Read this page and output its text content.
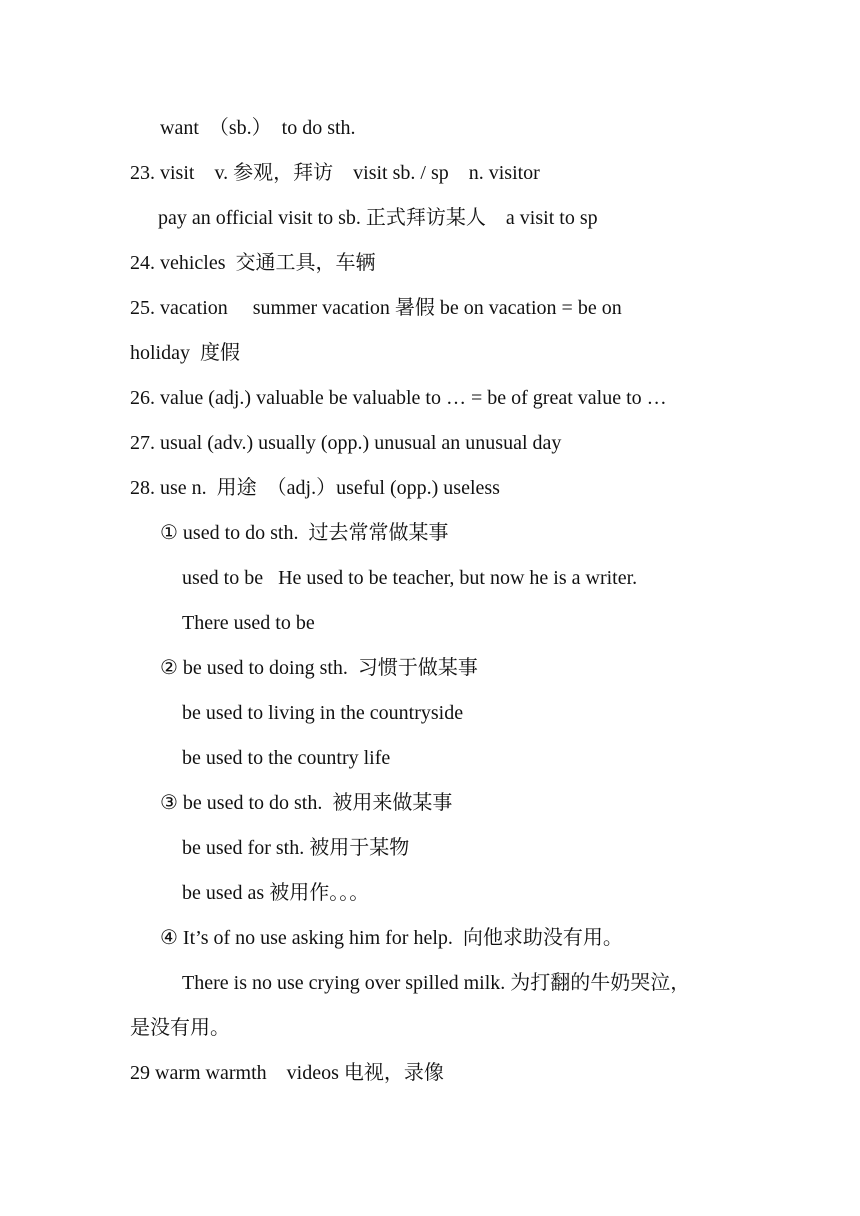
want  （sb.）  to do sth.
23. visit    v. 参观，拜访    visit sb. / sp    n. visitor
pay an official visit to sb. 正式拜访某人    a visit to sp
24. vehicles  交通工具，车辆
25. vacation     summer vacation 暑假 be on vacation = be on
holiday  度假
26. value (adj.) valuable be valuable to … = be of great value to …
27. usual (adv.) usually (opp.) unusual an unusual day
28. use n.  用途  （adj.）useful (opp.) useless
① used to do sth.  过去常常做某事
used to be   He used to be teacher, but now he is a writer.
There used to be
② be used to doing sth.  习惯于做某事
be used to living in the countryside
be used to the country life
③ be used to do sth.  被用来做某事
be used for sth. 被用于某物
be used as 被用作。。。
④ It’s of no use asking him for help.  向他求助没有用。
There is no use crying over spilled milk. 为打翻的牛奶哭泣，
是没有用。
29 warm warmth    videos 电视，录像
